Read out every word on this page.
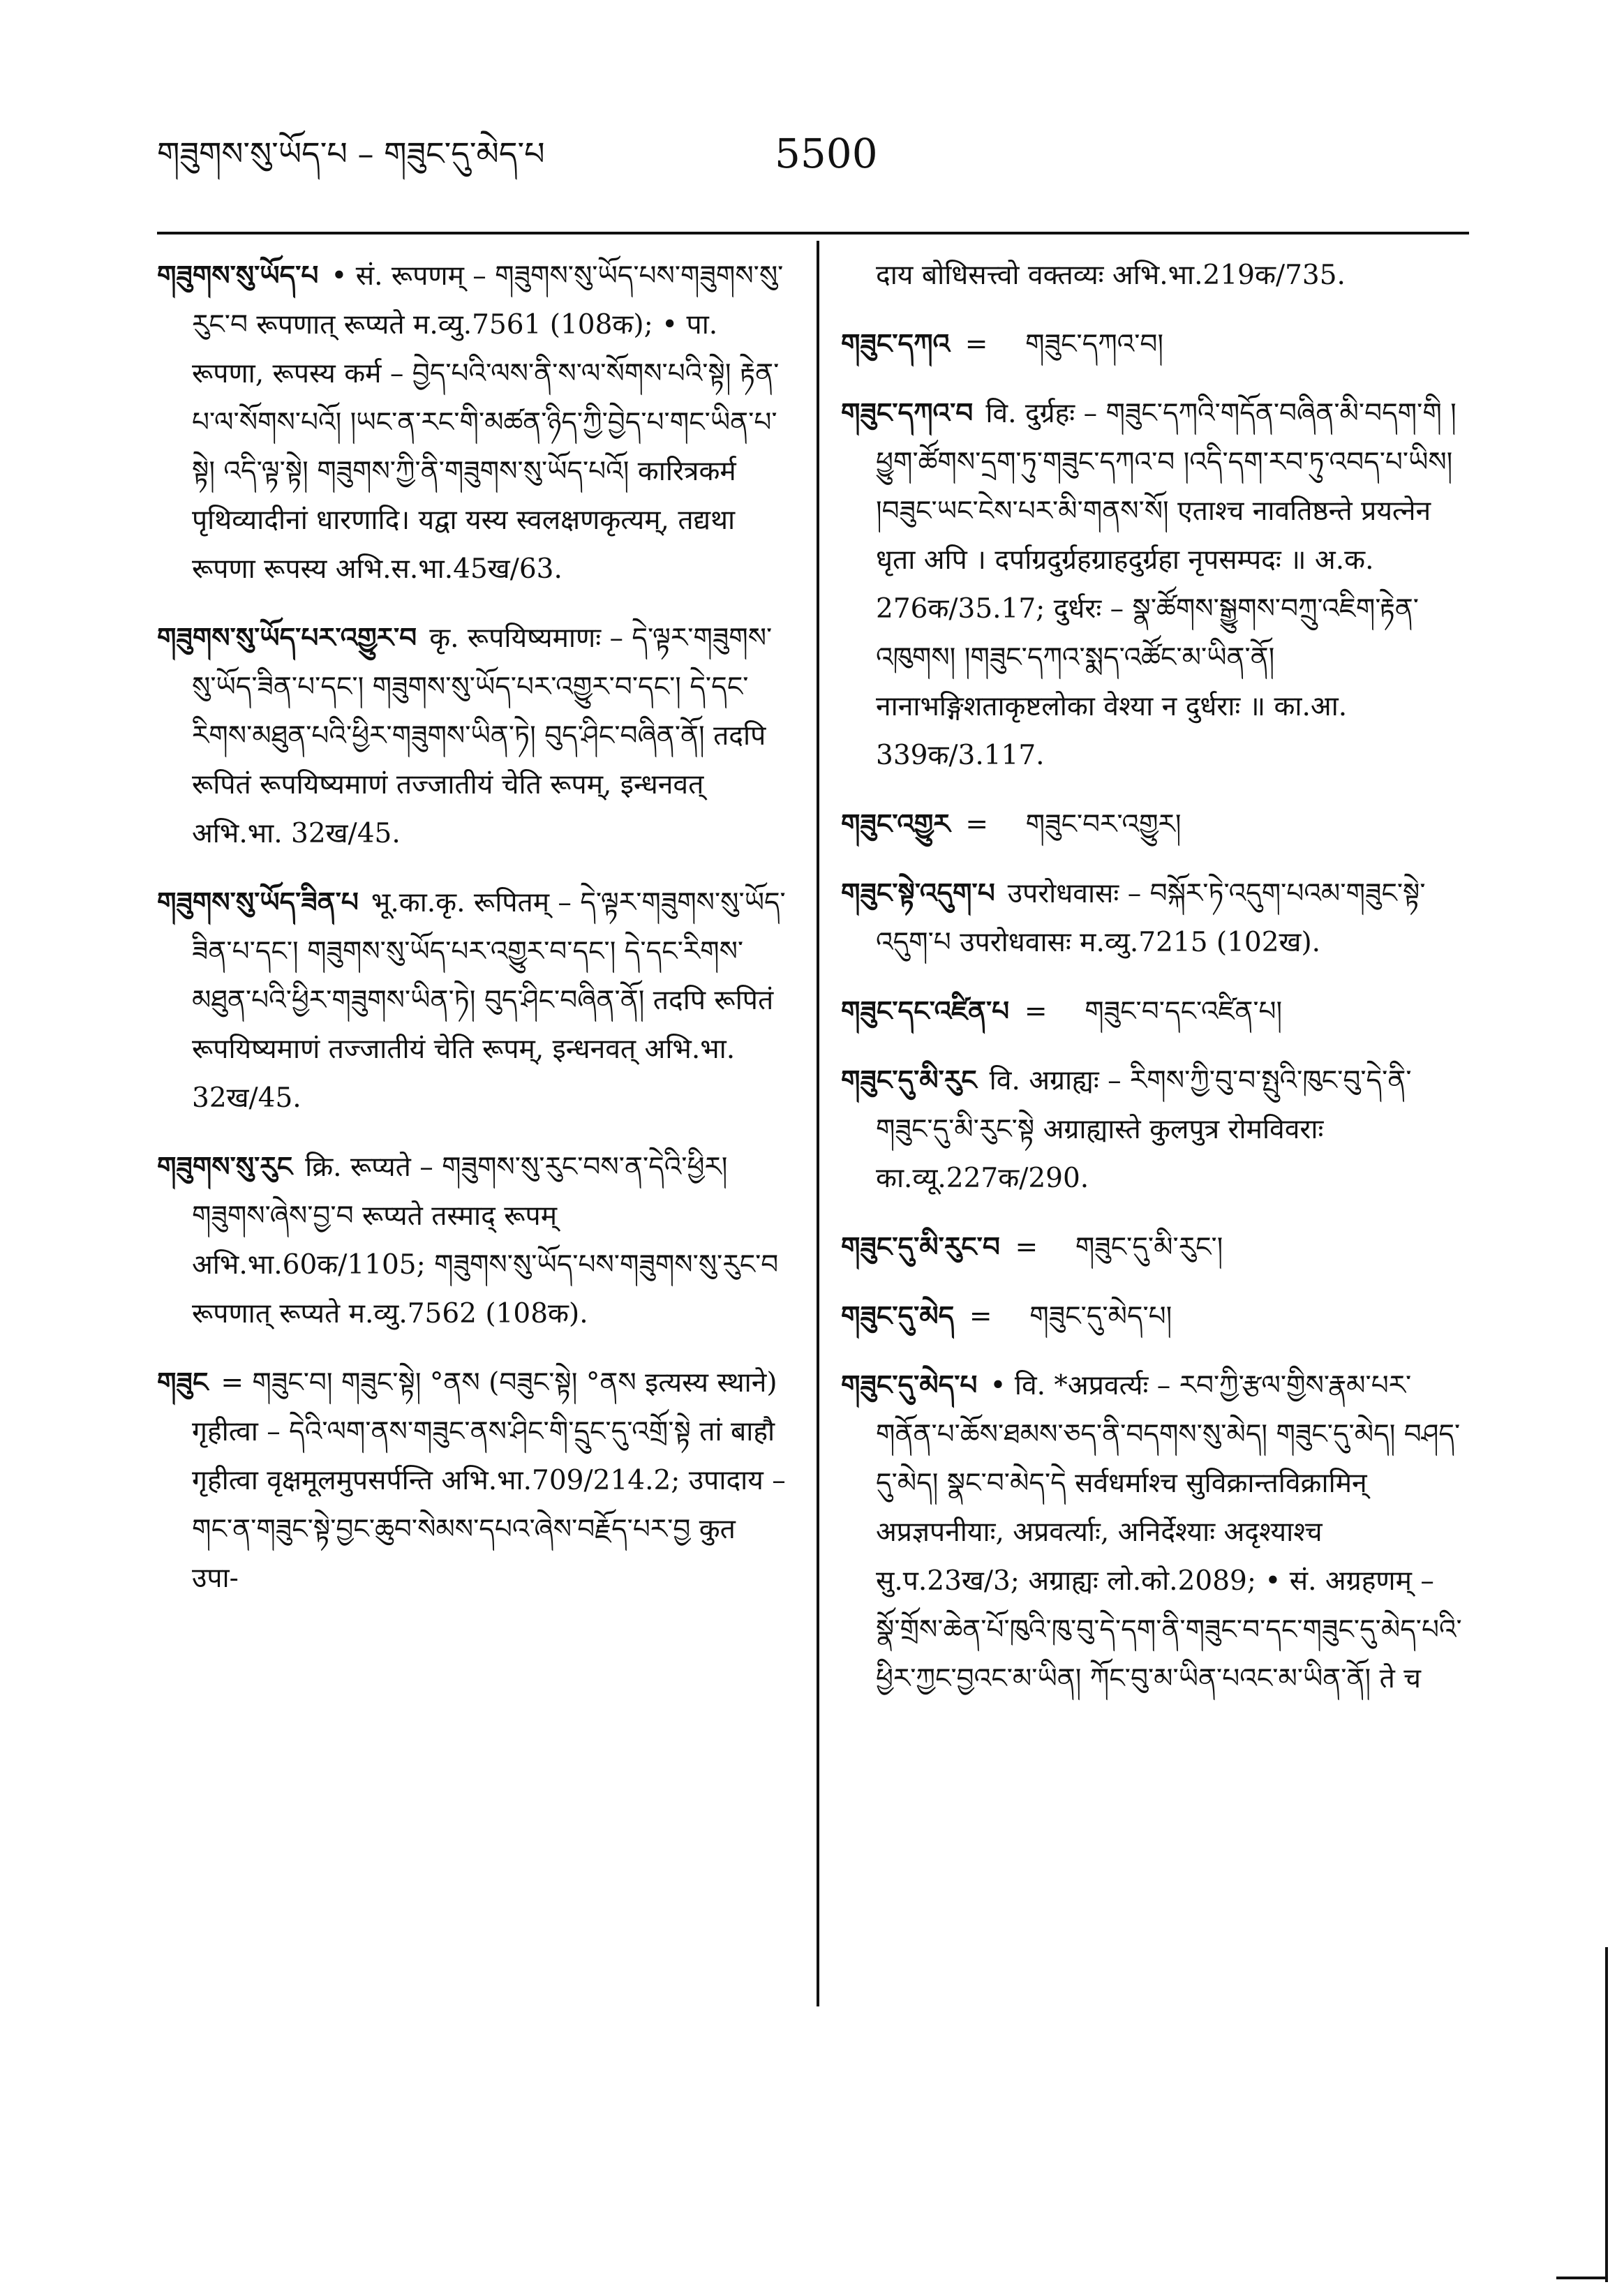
གཟུགས་སུ་ཡོད་པ – གཟུང་དུ་མེད་པ	5500

གཟུགས་སུ་ཡོད་པ • सं. रूपणम् – གཟུགས་སུ་ཡོད་པས་གཟུགས་སུ་རུང་བ रूपणात् रूप्यते म.व्यु.7561 (108क); • पा. रूपणा, रूपस्य कर्म – བྱེད་པའི་ལས་ནི་ས་ལ་སོགས་པའི་སྟེ། རྟེན་པ་ལ་སོགས་པའོ། །ཡང་ན་རང་གི་མཚན་ཉིད་ཀྱི་བྱེད་པ་གང་ཡིན་པ་སྟེ། འདི་ལྟ་སྟེ། གཟུགས་ཀྱི་ནི་གཟུགས་སུ་ཡོད་པའོ། कारित्रकर्म पृथिव्यादीनां धारणादि। यद्वा यस्य स्वलक्षणकृत्यम्, तद्यथा रूपणा रूपस्य अभि.स.भा.45ख/63.

གཟུགས་སུ་ཡོད་པར་འགྱུར་བ कृ. रूपयिष्यमाणः – དེ་ལྟར་གཟུགས་སུ་ཡོད་ཟིན་པ་དང་། གཟུགས་སུ་ཡོད་པར་འགྱུར་བ་དང་། དེ་དང་རིགས་མཐུན་པའི་ཕྱིར་གཟུགས་ཡིན་ཏེ། བུད་ཤིང་བཞིན་ནོ། तदपि रूपितं रूपयिष्यमाणं तज्जातीयं चेति रूपम्, इन्धनवत् अभि.भा. 32ख/45.

གཟུགས་སུ་ཡོད་ཟིན་པ भू.का.कृ. रूपितम् – དེ་ལྟར་གཟུགས་སུ་ཡོད་ཟིན་པ་དང་། གཟུགས་སུ་ཡོད་པར་འགྱུར་བ་དང་། དེ་དང་རིགས་མཐུན་པའི་ཕྱིར་གཟུགས་ཡིན་ཏེ། བུད་ཤིང་བཞིན་ནོ། तदपि रूपितं रूपयिष्यमाणं तज्जातीयं चेति रूपम्, इन्धनवत् अभि.भा. 32ख/45.

གཟུགས་སུ་རུང क्रि. रूप्यते – གཟུགས་སུ་རུང་བས་ན་དེའི་ཕྱིར། གཟུགས་ཞེས་བྱ་བ रूप्यते तस्माद् रूपम् अभि.भा.60क/1105; གཟུགས་སུ་ཡོད་པས་གཟུགས་སུ་རུང་བ रूपणात् रूप्यते म.व्यु.7562 (108क).

གཟུང = གཟུང་བ། གཟུང་སྟེ། °ནས (བཟུང་སྟེ། °ནས इत्यस्य स्थाने) गृहीत्वा – དེའི་ལག་ནས་གཟུང་ནས་ཤིང་གི་དྲུང་དུ་འགྲོ་སྟེ तां बाहौ गृहीत्वा वृक्षमूलमुपसर्पन्ति अभि.भा.709/214.2; उपादाय – གང་ན་གཟུང་སྟེ་བྱང་ཆུབ་སེམས་དཔའ་ཞེས་བརྗོད་པར་བྱ कुत उपा-

दाय बोधिसत्त्वो वक्तव्यः अभि.भा.219क/735.

གཟུང་དཀའ = གཟུང་དཀའ་བ།

གཟུང་དཀའ་བ वि. दुर्ग्रहः – གཟུང་དཀའི་གདོན་བཞིན་མི་བདག་གི །ཕྱུག་ཚོགས་དྲག་ཏུ་གཟུང་དཀའ་བ །འདི་དག་རབ་ཏུ་འབད་པ་ཡིས། །བཟུང་ཡང་ངེས་པར་མི་གནས་སོ། एताश्च नावतिष्ठन्ते प्रयत्नेन धृता अपि । दर्पाग्रदुर्ग्रहग्राहदुर्ग्रहा नृपसम्पदः ॥ अ.क. 276क/35.17; दुर्धरः – སྣ་ཚོགས་སྒྱུགས་བཀྲུ་འཇིག་རྟེན་འཁུགས། །གཟུང་དཀའ་སྨད་འཚོང་མ་ཡིན་ནོ། नानाभङ्गिशताकृष्टलोका वेश्या न दुर्धराः ॥ का.आ. 339क/3.117.

གཟུང་འགྱུར = གཟུང་བར་འགྱུར།

གཟུང་སྟེ་འདུག་པ उपरोधवासः – བསྐོར་ཏེ་འདུག་པའམ་གཟུང་སྟེ་འདུག་པ उपरोधवासः म.व्यु.7215 (102ख).

གཟུང་དང་འཛིན་པ = གཟུང་བ་དང་འཛིན་པ།

གཟུང་དུ་མི་རུང वि. अग्राह्यः – རིགས་ཀྱི་བུ་བ་སྤུའི་ཁུང་བུ་དེ་ནི་གཟུང་དུ་མི་རུང་སྟེ अग्राह्यास्ते कुलपुत्र रोमविवराः का.व्यू.227क/290.

གཟུང་དུ་མི་རུང་བ = གཟུང་དུ་མི་རུང་།

གཟུང་དུ་མེད = གཟུང་དུ་མེད་པ།

གཟུང་དུ་མེད་པ • वि. *अप्रवर्त्यः – རབ་ཀྱི་རྩལ་གྱིས་རྣམ་པར་གནོན་པ་ཆོས་ཐམས་ཅད་ནི་བདགས་སུ་མེད། གཟུང་དུ་མེད། བཤད་དུ་མེད། སྣང་བ་མེད་དེ सर्वधर्माश्च सुविक्रान्तविक्रामिन् अप्रज्ञपनीयाः, अप्रवर्त्याः, अनिर्देश्याः अदृश्याश्च सु.प.23ख/3; अग्राह्यः लो.को.2089; • सं. अग्रहणम् – སྣོ་གྲོས་ཆེན་པོ་ཁུའི་ཁུ་བུ་དེ་དག་ནི་གཟུང་བ་དང་གཟུང་དུ་མེད་པའི་ཕྱིར་ཀྱང་བྱའང་མ་ཡིན། ཀོང་བུ་མ་ཡིན་པའང་མ་ཡིན་ནོ། ते च
